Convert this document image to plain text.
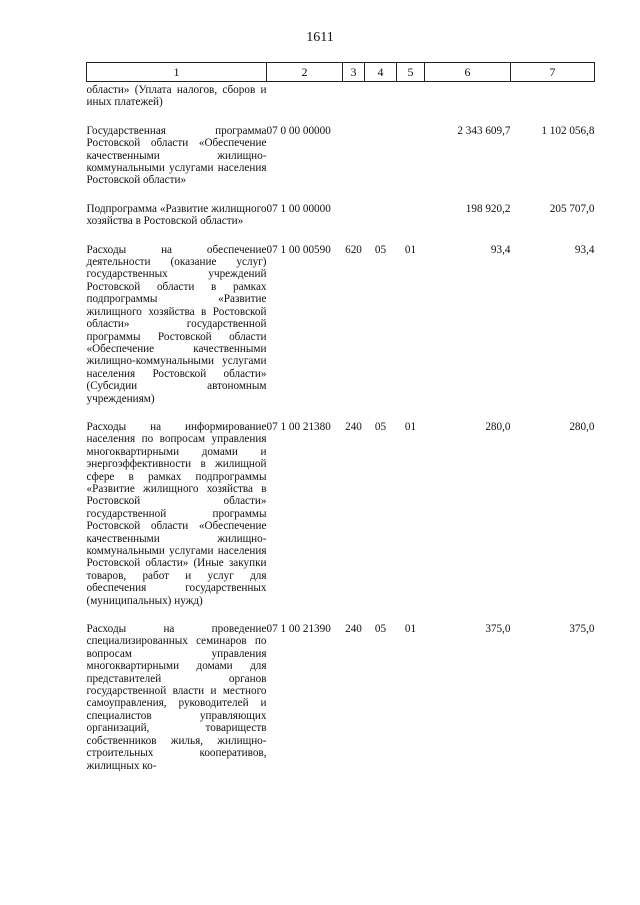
1611
1	2	3	4	5	6	7
области» (Уплата налогов, сборов и иных платежей)						

Государственная программа Ростовской области «Обеспечение качественными жилищно-коммунальными услугами населения Ростовской области»	07 0 00 00000				2 343 609,7	1 102 056,8

Подпрограмма «Развитие жилищного хозяйства в Ростовской области»	07 1 00 00000				198 920,2	205 707,0

Расходы на обеспечение деятельности (оказание услуг) государственных учреждений Ростовской области в рамках подпрограммы «Развитие жилищного хозяйства в Ростовской области» государственной программы Ростовской области «Обеспечение качественными жилищно-коммунальными услугами населения Ростовской области» (Субсидии автономным учреждениям)	07 1 00 00590	620	05	01	93,4	93,4

Расходы на информирование населения по вопросам управления многоквартирными домами и энергоэффективности в жилищной сфере в рамках подпрограммы «Развитие жилищного хозяйства в Ростовской области» государственной программы Ростовской области «Обеспечение качественными жилищно-коммунальными услугами населения Ростовской области» (Иные закупки товаров, работ и услуг для обеспечения государственных (муниципальных) нужд)	07 1 00 21380	240	05	01	280,0	280,0

Расходы на проведение специализированных семинаров по вопросам управления многоквартирными домами для представителей органов государственной власти и местного самоуправления, руководителей и специалистов управляющих организаций, товариществ собственников жилья, жилищно-строительных кооперативов, жилищных ко-	07 1 00 21390	240	05	01	375,0	375,0
